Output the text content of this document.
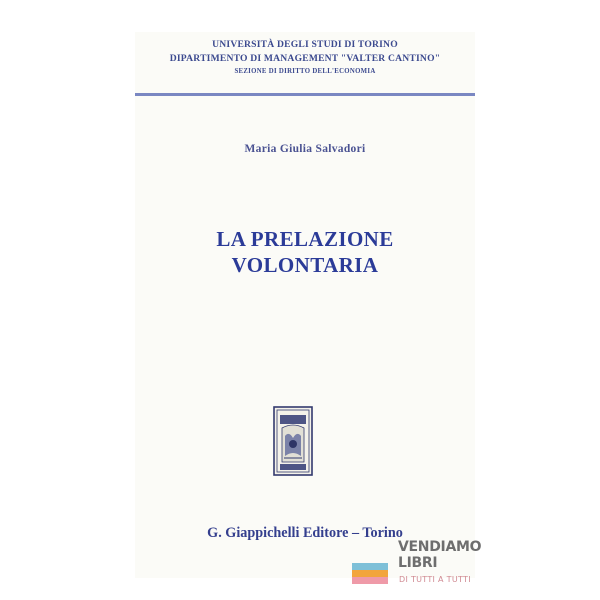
UNIVERSITÀ DEGLI STUDI DI TORINO
DIPARTIMENTO DI MANAGEMENT "VALTER CANTINO"
SEZIONE DI DIRITTO DELL'ECONOMIA
Maria Giulia Salvadori
LA PRELAZIONE
VOLONTARIA
G. Giappichelli Editore – Torino
VENDIAMO
LIBRI
DI TUTTI A TUTTI
